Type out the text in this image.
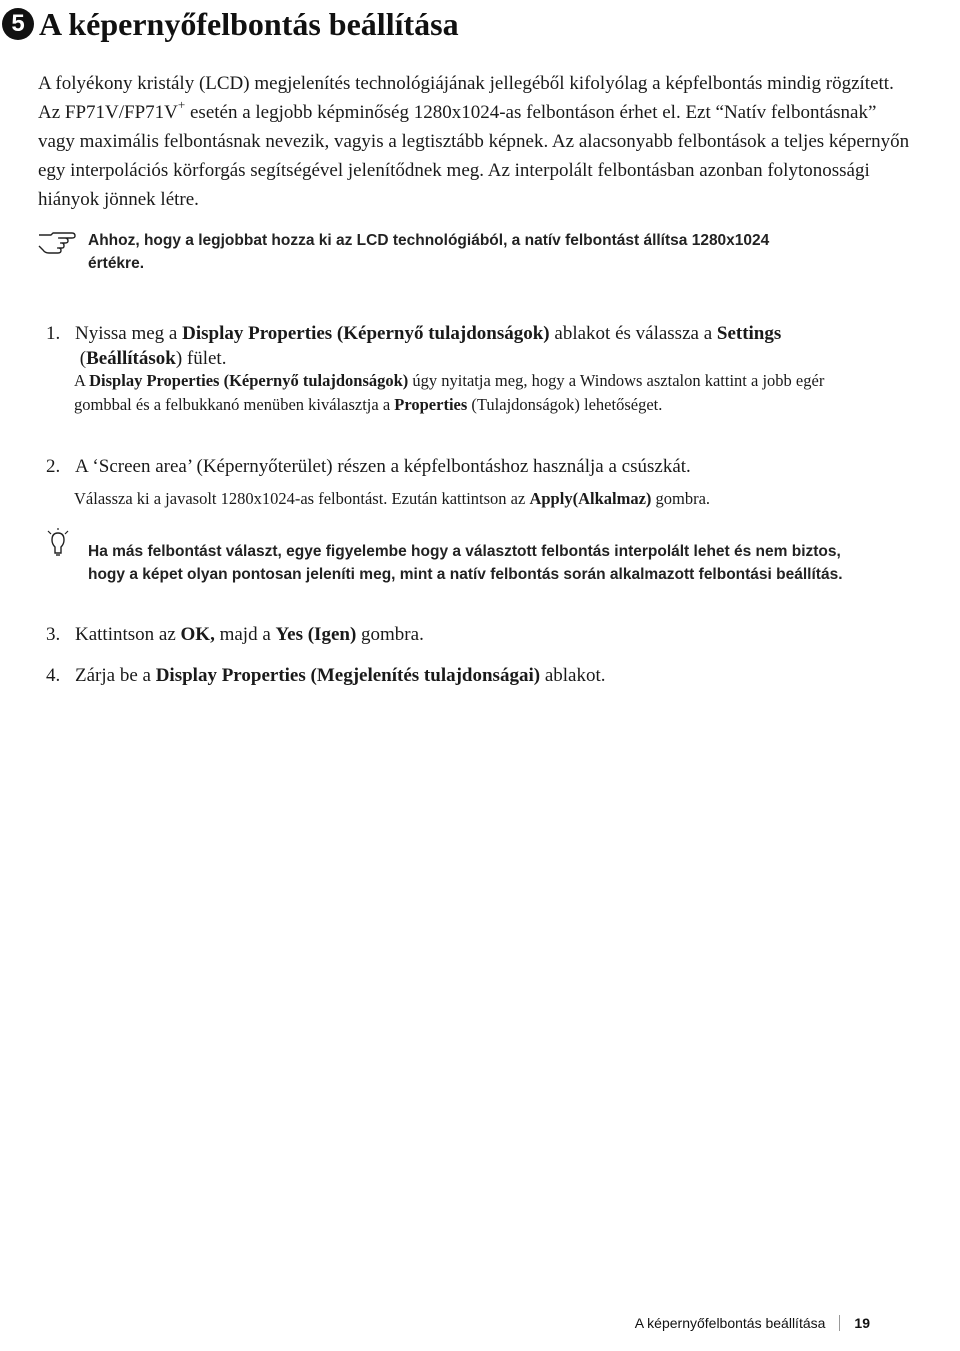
5 A képernyőfelbontás beállítása

A folyékony kristály (LCD) megjelenítés technológiájának jellegéből kifolyólag a képfelbontás mindig rögzített. Az FP71V/FP71V+ esetén a legjobb képminőség 1280x1024-as felbontáson érhet el. Ezt “Natív felbontásnak” vagy maximális felbontásnak nevezik, vagyis a legtisztább képnek. Az alacsonyabb felbontások a teljes képernyőn egy interpolációs körforgás segítségével jelenítődnek meg. Az interpolált felbontásban azonban folytonossági hiányok jönnek létre.

Ahhoz, hogy a legjobbat hozza ki az LCD technológiából, a natív felbontást állítsa 1280x1024 értékre.

1. Nyissa meg a Display Properties (Képernyő tulajdonságok) ablakot és válassza a Settings
(Beállítások) fület.

A Display Properties (Képernyő tulajdonságok) úgy nyitatja meg, hogy a Windows asztalon kattint a jobb egér gombbal és a felbukkanó menüben kiválasztja a Properties (Tulajdonságok) lehetőséget.

2. A ‘Screen area’ (Képernyőterület) részen a képfelbontáshoz használja a csúszkát.

Válassza ki a javasolt 1280x1024-as felbontást. Ezután kattintson az Apply(Alkalmaz) gombra.

Ha más felbontást választ, egye figyelembe hogy a választott felbontás interpolált lehet és nem biztos, hogy a képet olyan pontosan jeleníti meg, mint a natív felbontás során alkalmazott felbontási beállítás.

3. Kattintson az OK, majd a Yes (Igen) gombra.

4. Zárja be a Display Properties (Megjelenítés tulajdonságai) ablakot.

A képernyőfelbontás beállítása 19
